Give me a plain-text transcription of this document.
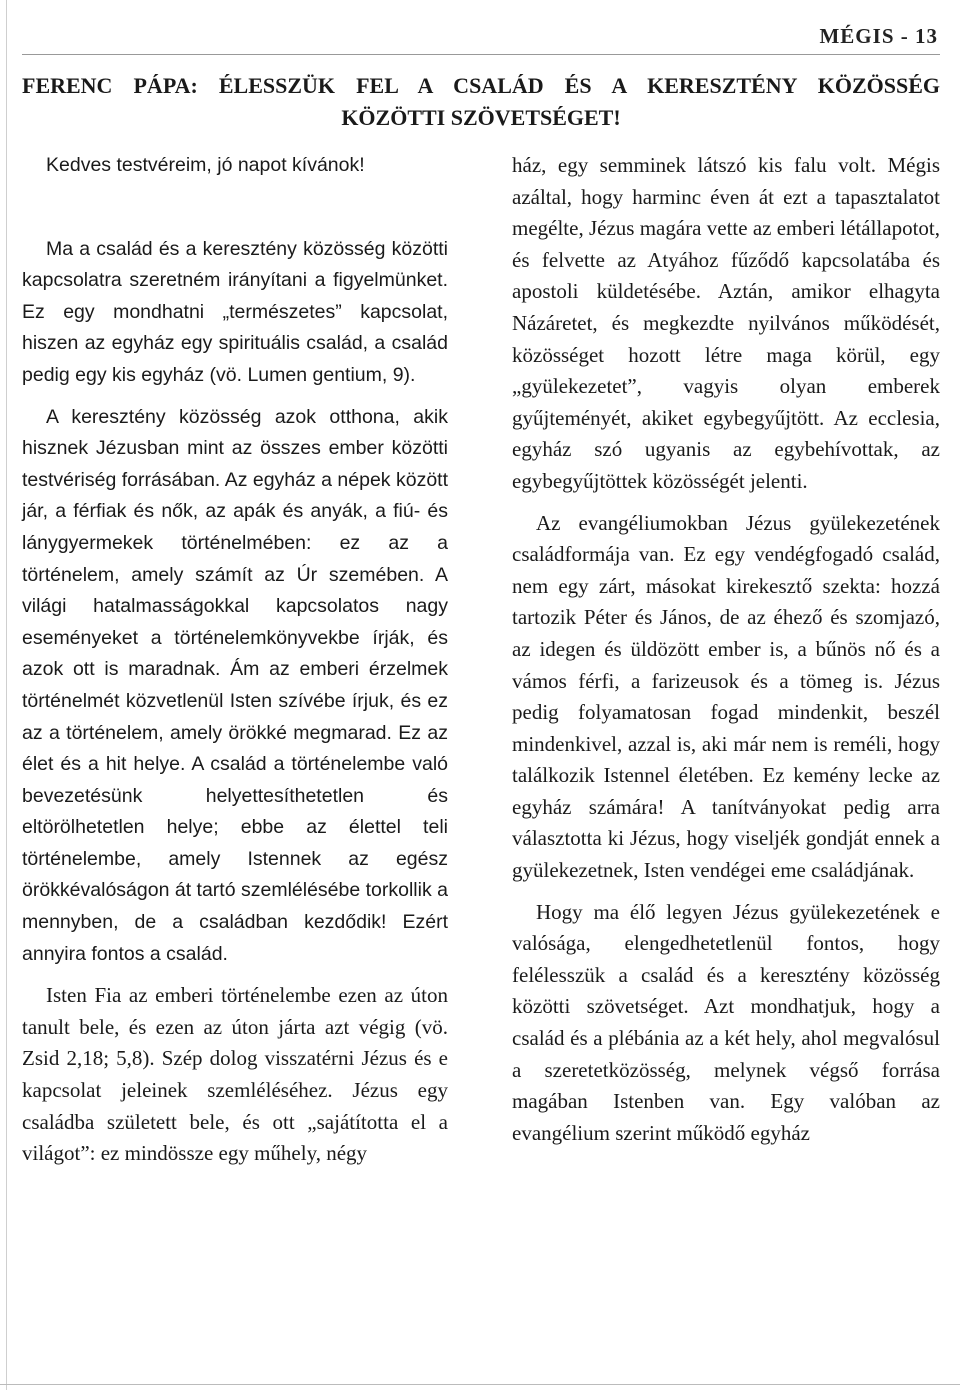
MÉGIS - 13
FERENC PÁPA: ÉLESSZÜK FEL A CSALÁD ÉS A KERESZTÉNY KÖZÖSSÉG
KÖZÖTTI SZÖVETSÉGET!

Kedves testvéreim, jó napot kívánok!

Ma a család és a keresztény közösség közötti kapcsolatra szeretném irányítani a figyelmünket. Ez egy mondhatni „természetes” kapcsolat, hiszen az egyház egy spirituális család, a család pedig egy kis egyház (vö. Lumen gentium, 9).

A keresztény közösség azok otthona, akik hisznek Jézusban mint az összes ember közötti testvériség forrásában. Az egyház a népek között jár, a férfiak és nők, az apák és anyák, a fiú- és lánygyermekek történelmében: ez az a történelem, amely számít az Úr szemében. A világi hatalmasságokkal kapcsolatos nagy eseményeket a történelemkönyvekbe írják, és azok ott is maradnak. Ám az emberi érzelmek történelmét közvetlenül Isten szívébe írjuk, és ez az a történelem, amely örökké megmarad. Ez az élet és a hit helye. A család a történelembe való bevezetésünk helyettesíthetetlen és eltörölhetetlen helye; ebbe az élettel teli történelembe, amely Istennek az egész örökkévalóságon át tartó szemlélésébe torkollik a mennyben, de a családban kezdődik! Ezért annyira fontos a család.

Isten Fia az emberi történelembe ezen az úton tanult bele, és ezen az úton járta azt végig (vö. Zsid 2,18; 5,8). Szép dolog visszatérni Jézus és e kapcsolat jeleinek szemléléséhez. Jézus egy családba született bele, és ott „sajátította el a világot”: ez mindössze egy műhely, négy

ház, egy semminek látszó kis falu volt. Mégis azáltal, hogy harminc éven át ezt a tapasztalatot megélte, Jézus magára vette az emberi létállapotot, és felvette az Atyához fűződő kapcsolatába és apostoli küldetésébe. Aztán, amikor elhagyta Názáretet, és megkezdte nyilvános működését, közösséget hozott létre maga körül, egy „gyülekezetet”, vagyis olyan emberek gyűjteményét, akiket egybegyűjtött. Az ecclesia, egyház szó ugyanis az egybehívottak, az egybegyűjtöttek közösségét jelenti.

Az evangéliumokban Jézus gyülekezetének családformája van. Ez egy vendégfogadó család, nem egy zárt, másokat kirekesztő szekta: hozzá tartozik Péter és János, de az éhező és szomjazó, az idegen és üldözött ember is, a bűnös nő és a vámos férfi, a farizeusok és a tömeg is. Jézus pedig folyamatosan fogad mindenkit, beszél mindenkivel, azzal is, aki már nem is reméli, hogy találkozik Istennel életében. Ez kemény lecke az egyház számára! A tanítványokat pedig arra választotta ki Jézus, hogy viseljék gondját ennek a gyülekezetnek, Isten vendégei eme családjának.

Hogy ma élő legyen Jézus gyülekezetének e valósága, elengedhetetlenül fontos, hogy felélesszük a család és a keresztény közösség közötti szövetséget. Azt mondhatjuk, hogy a család és a plébánia az a két hely, ahol megvalósul a szeretetközösség, melynek végső forrása magában Istenben van. Egy valóban az evangélium szerint működő egyház
